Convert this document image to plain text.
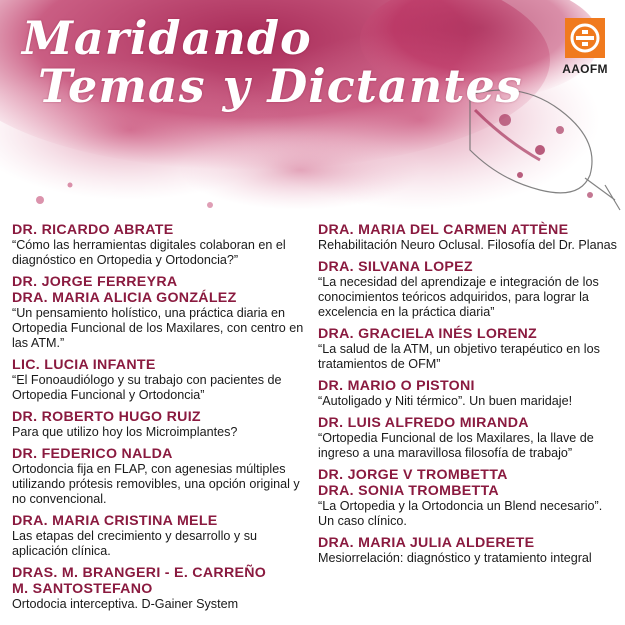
Maridando
Temas y Dictantes	AAOFM
DR. RICARDO ABRATE
“Cómo las herramientas digitales colaboran en el diagnóstico en Ortopedia y Ortodoncia?”
DR. JORGE FERREYRA
DRA. MARIA ALICIA GONZÁLEZ
“Un pensamiento holístico, una práctica diaria en Ortopedia Funcional de los Maxilares, con centro en las ATM.”
LIC. LUCIA INFANTE
“El Fonoaudiólogo y su trabajo con pacientes de Ortopedia Funcional y Ortodoncia”
DR. ROBERTO HUGO RUIZ
Para que utilizo hoy los Microimplantes?
DR. FEDERICO NALDA
Ortodoncia fija en FLAP, con agenesias múltiples utilizando prótesis removibles, una opción original y no convencional.
DRA. MARIA CRISTINA MELE
Las etapas del crecimiento y desarrollo y su aplicación clínica.
DRAS. M. BRANGERI - E. CARREÑO
M. SANTOSTEFANO
Ortodocia interceptiva. D-Gainer System
DRA. MARIA DEL CARMEN ATTÈNE
Rehabilitación Neuro Oclusal. Filosofía del Dr. Planas
DRA. SILVANA LOPEZ
“La necesidad del aprendizaje e integración de los conocimientos teóricos adquiridos, para lograr la excelencia en la práctica diaria”
DRA. GRACIELA INÉS LORENZ
“La salud de la ATM, un objetivo terapéutico en los tratamientos de OFM”
DR. MARIO O PISTONI
“Autoligado y Niti térmico”. Un buen maridaje!
DR. LUIS ALFREDO MIRANDA
“Ortopedia Funcional de los Maxilares, la llave de ingreso a una maravillosa filosofía de trabajo”
DR. JORGE V TROMBETTA
DRA. SONIA TROMBETTA
“La Ortopedia y la Ortodoncia un Blend necesario”. Un caso clínico.
DRA. MARIA JULIA ALDERETE
Mesiorrelación: diagnóstico y tratamiento integral
